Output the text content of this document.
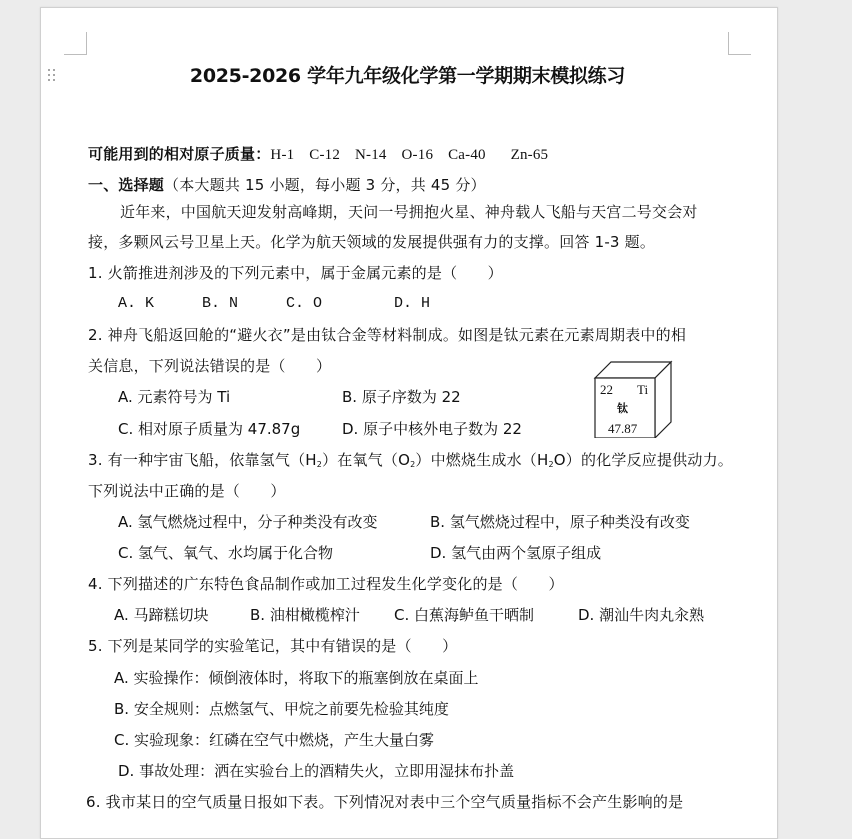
2025-2026 学年九年级化学第一学期期末模拟练习
可能用到的相对原子质量：H-1 C-12 N-14 O-16 Ca-40 Zn-65
一、选择题（本大题共 15 小题，每小题 3 分，共 45 分）
近年来，中国航天迎发射高峰期，天问一号拥抱火星、神舟载人飞船与天宫二号交会对
接，多颗风云号卫星上天。化学为航天领域的发展提供强有力的支撑。回答 1-3 题。
1. 火箭推进剂涉及的下列元素中，属于金属元素的是（　　）
A. K	B. N	C. O	D. H
2. 神舟飞船返回舱的“避火衣”是由钛合金等材料制成。如图是钛元素在元素周期表中的相
关信息，下列说法错误的是（　　）
A. 元素符号为 Ti	B. 原子序数为 22
C. 相对原子质量为 47.87g	D. 原子中核外电子数为 22
22 Ti
钛
47.87
3. 有一种宇宙飞船，依靠氢气$(H_2)$在氧气$(O_2)$中燃烧生成水$(H_2O)$的化学反应提供动力。
下列说法中正确的是（　　）
A. 氢气燃烧过程中，分子种类没有改变	B. 氢气燃烧过程中，原子种类没有改变
C. 氢气、氧气、水均属于化合物	D. 氢气由两个氢原子组成
4. 下列描述的广东特色食品制作或加工过程发生化学变化的是（　　）
A. 马蹄糕切块	B. 油柑橄榄榨汁 C. 白蕉海鲈鱼干晒制	D. 潮汕牛肉丸汆熟
5. 下列是某同学的实验笔记，其中有错误的是（　　）
A. 实验操作：倾倒液体时，将取下的瓶塞倒放在桌面上
B. 安全规则：点燃氢气、甲烷之前要先检验其纯度
C. 实验现象：红磷在空气中燃烧，产生大量白雾
D. 事故处理：洒在实验台上的酒精失火，立即用湿抹布扑盖
6. 我市某日的空气质量日报如下表。下列情况对表中三个空气质量指标不会产生影响的是
